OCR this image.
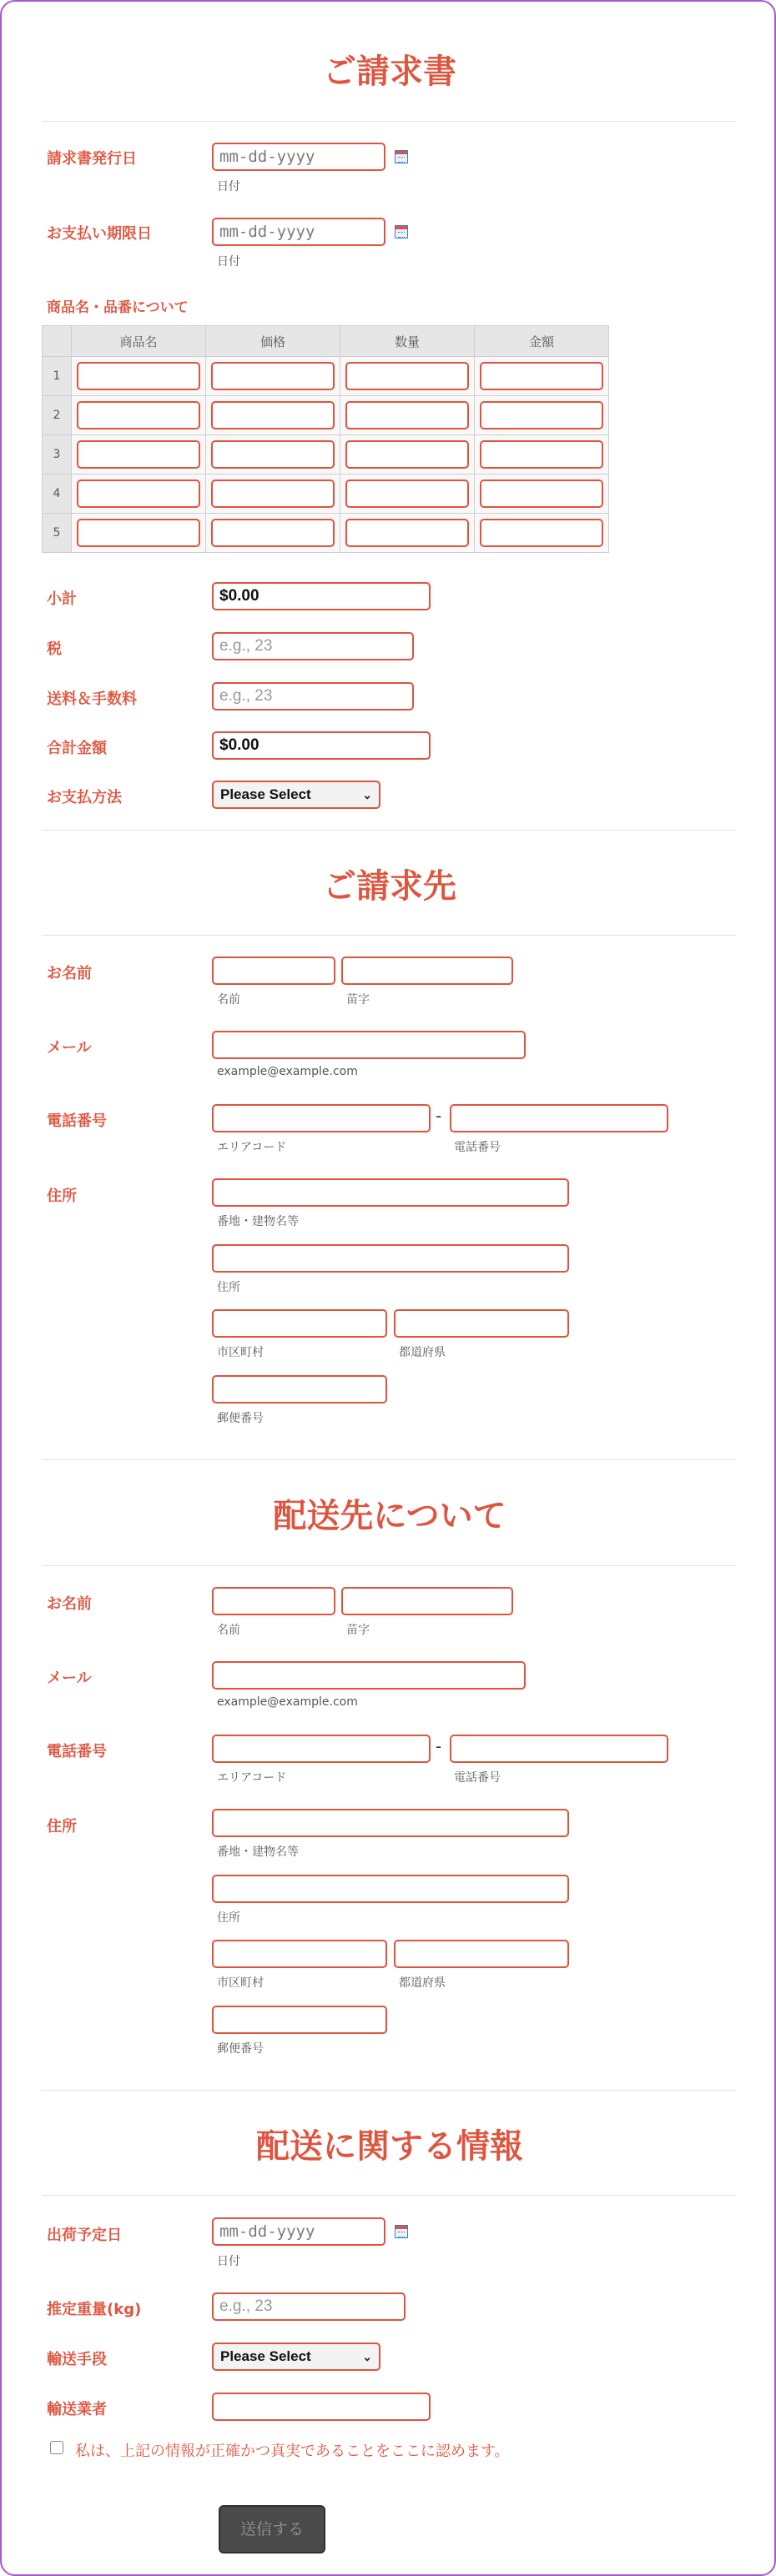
ご請求書
請求書発行日	mm-dd-yyyy
日付
お支払い期限日	mm-dd-yyyy
日付
商品名・品番について
	商品名	価格	数量	金額
1	

2	

3	

4	

5	

小計	$0.00
税	e.g., 23
送料＆手数料	e.g., 23
合計金額	$0.00
お支払方法	Please Select	⌄
ご請求先
お名前
名前	苗字
メール
example@example.com
電話番号	-
エリアコード	電話番号
住所
番地・建物名等
住所
市区町村	都道府県
郵便番号
配送先について
お名前
名前	苗字
メール
example@example.com
電話番号	-
エリアコード	電話番号
住所
番地・建物名等
住所
市区町村	都道府県
郵便番号
配送に関する情報
出荷予定日	mm-dd-yyyy
日付
推定重量(kg)	e.g., 23
輸送手段	Please Select	⌄
輸送業者
私は、上記の情報が正確かつ真実であることをここに認めます。
送信する
